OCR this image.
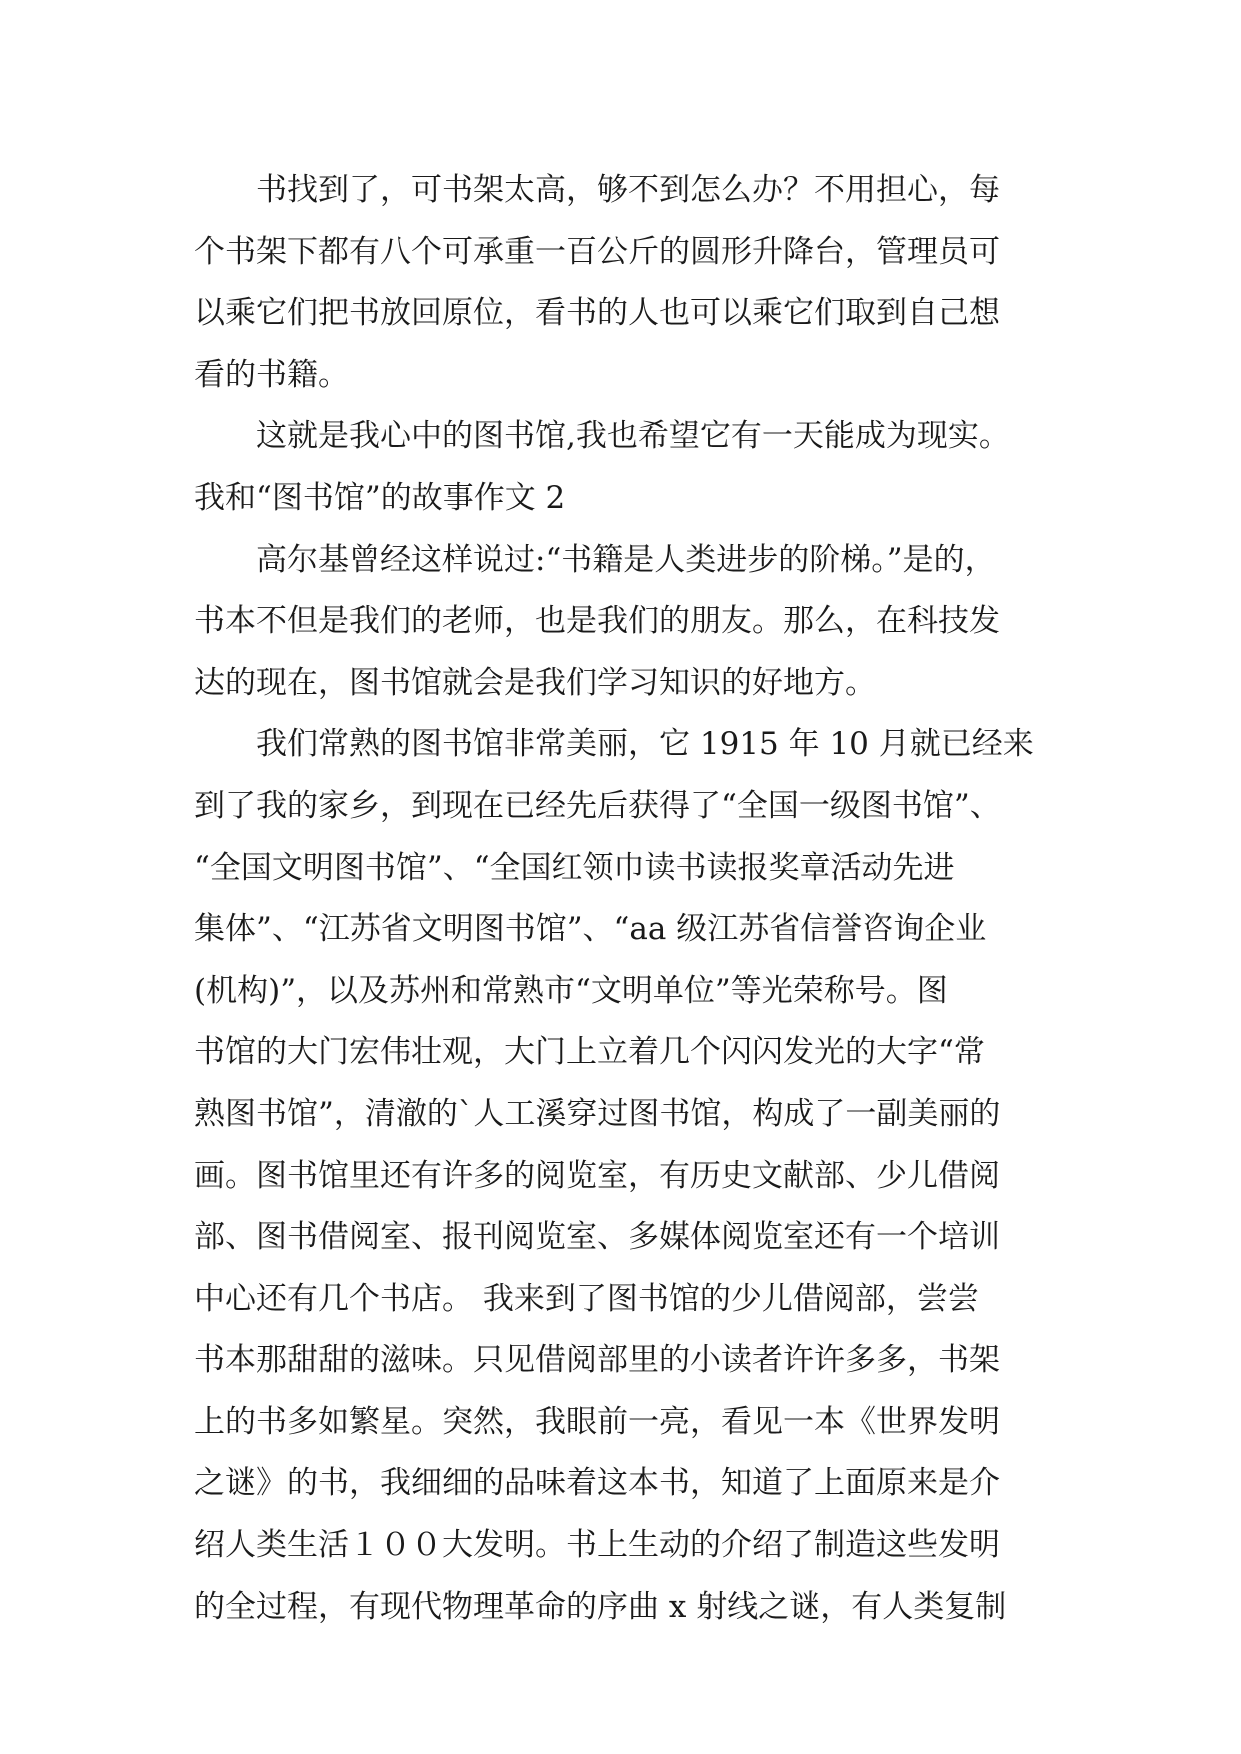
书找到了，可书架太高，够不到怎么办？不用担心，每
个书架下都有八个可承重一百公斤的圆形升降台，管理员可
以乘它们把书放回原位，看书的人也可以乘它们取到自己想
看的书籍。
这就是我心中的图书馆,我也希望它有一天能成为现实。
我和“图书馆”的故事作文 2
高尔基曾经这样说过:“书籍是人类进步的阶梯。”是的，
书本不但是我们的老师，也是我们的朋友。那么，在科技发
达的现在，图书馆就会是我们学习知识的好地方。
我们常熟的图书馆非常美丽，它 1915 年 10 月就已经来
到了我的家乡，到现在已经先后获得了“全国一级图书馆”、
“全国文明图书馆”、“全国红领巾读书读报奖章活动先进
集体”、“江苏省文明图书馆”、“aa 级江苏省信誉咨询企业
(机构)”，以及苏州和常熟市“文明单位”等光荣称号。图
书馆的大门宏伟壮观，大门上立着几个闪闪发光的大字“常
熟图书馆”，清澈的`人工溪穿过图书馆，构成了一副美丽的
画。图书馆里还有许多的阅览室，有历史文献部、少儿借阅
部、图书借阅室、报刊阅览室、多媒体阅览室还有一个培训
中心还有几个书店。 我来到了图书馆的少儿借阅部，尝尝
书本那甜甜的滋味。只见借阅部里的小读者许许多多，书架
上的书多如繁星。突然，我眼前一亮，看见一本《世界发明
之谜》的书，我细细的品味着这本书，知道了上面原来是介
绍人类生活１００大发明。书上生动的介绍了制造这些发明
的全过程，有现代物理革命的序曲 x 射线之谜，有人类复制
